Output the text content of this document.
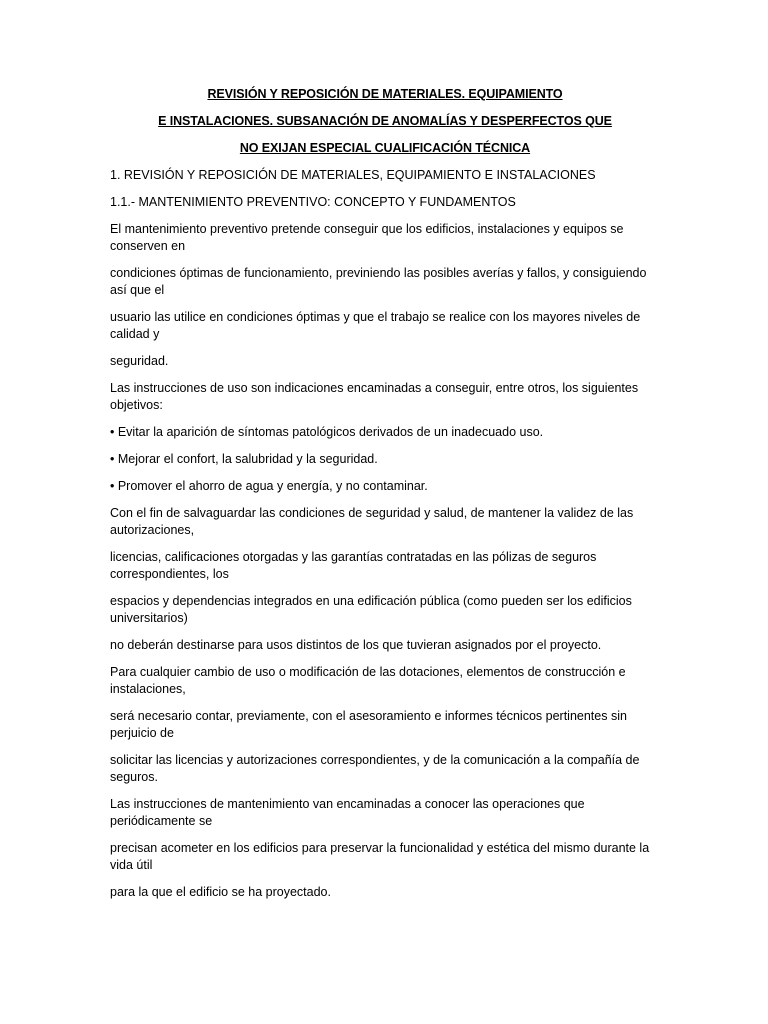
REVISIÓN Y REPOSICIÓN DE MATERIALES. EQUIPAMIENTO

E INSTALACIONES. SUBSANACIÓN DE ANOMALÍAS Y DESPERFECTOS QUE

NO EXIJAN ESPECIAL CUALIFICACIÓN TÉCNICA

1. REVISIÓN Y REPOSICIÓN DE MATERIALES, EQUIPAMIENTO E INSTALACIONES

1.1.- MANTENIMIENTO PREVENTIVO: CONCEPTO Y FUNDAMENTOS

El mantenimiento preventivo pretende conseguir que los edificios, instalaciones y equipos se conserven en

condiciones óptimas de funcionamiento, previniendo las posibles averías y fallos, y consiguiendo así que el

usuario las utilice en condiciones óptimas y que el trabajo se realice con los mayores niveles de calidad y

seguridad.

Las instrucciones de uso son indicaciones encaminadas a conseguir, entre otros, los siguientes objetivos:

• Evitar la aparición de síntomas patológicos derivados de un inadecuado uso.

• Mejorar el confort, la salubridad y la seguridad.

• Promover el ahorro de agua y energía, y no contaminar.

Con el fin de salvaguardar las condiciones de seguridad y salud, de mantener la validez de las autorizaciones,

licencias, calificaciones otorgadas y las garantías contratadas en las pólizas de seguros correspondientes, los

espacios y dependencias integrados en una edificación pública (como pueden ser los edificios universitarios)

no deberán destinarse para usos distintos de los que tuvieran asignados por el proyecto.

Para cualquier cambio de uso o modificación de las dotaciones, elementos de construcción e instalaciones,

será necesario contar, previamente, con el asesoramiento e informes técnicos pertinentes sin perjuicio de

solicitar las licencias y autorizaciones correspondientes, y de la comunicación a la compañía de seguros.

Las instrucciones de mantenimiento van encaminadas a conocer las operaciones que periódicamente se

precisan acometer en los edificios para preservar la funcionalidad y estética del mismo durante la vida útil

para la que el edificio se ha proyectado.
